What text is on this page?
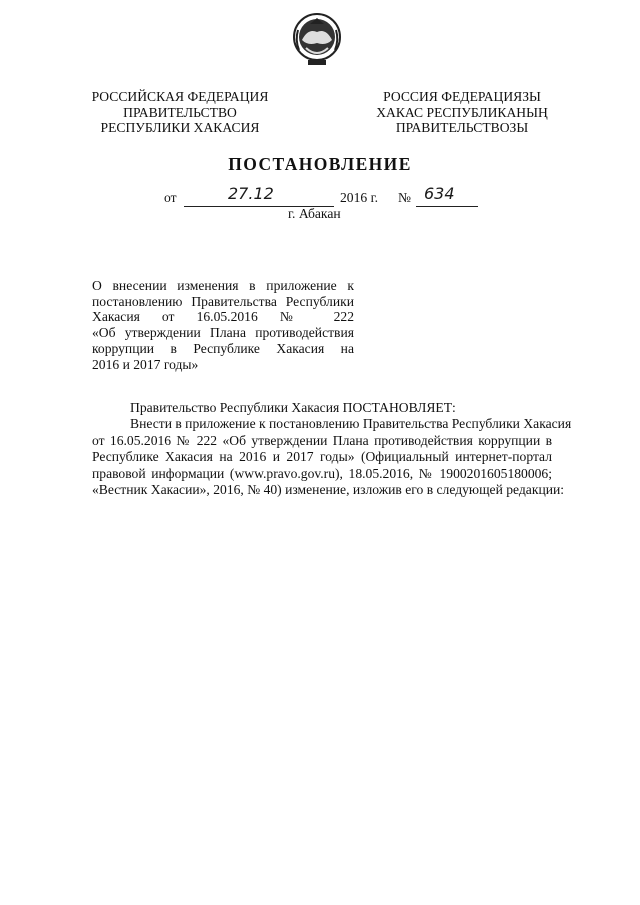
РОССИЙСКАЯ ФЕДЕРАЦИЯ
ПРАВИТЕЛЬСТВО
РЕСПУБЛИКИ ХАКАСИЯ
РОССИЯ ФЕДЕРАЦИЯЗЫ
ХАКАС РЕСПУБЛИКАНЫҢ
ПРАВИТЕЛЬСТВОЗЫ
ПОСТАНОВЛЕНИЕ
от	27.12	2016 г. № 634
г. Абакан
О внесении изменения в приложение к
постановлению Правительства Республики
Хакасия от 16.05.2016 № 222
«Об утверждении Плана противодействия
коррупции в Республике Хакасия на
2016 и 2017 годы»
Правительство Республики Хакасия ПОСТАНОВЛЯЕТ:
Внести в приложение к постановлению Правительства Республики Хакасия
от 16.05.2016 № 222 «Об утверждении Плана противодействия коррупции в
Республике Хакасия на 2016 и 2017 годы» (Официальный интернет-портал
правовой информации (www.pravo.gov.ru), 18.05.2016, № 1900201605180006;
«Вестник Хакасии», 2016, № 40) изменение, изложив его в следующей редакции:
